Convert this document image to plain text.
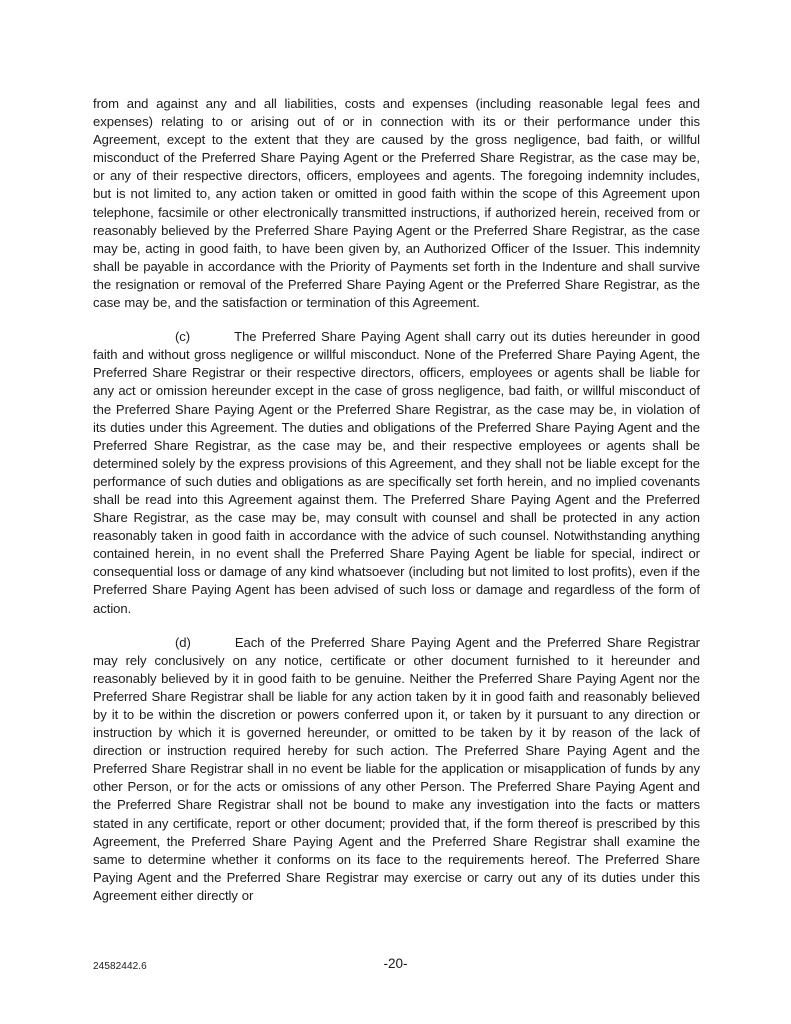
from and against any and all liabilities, costs and expenses (including reasonable legal fees and expenses) relating to or arising out of or in connection with its or their performance under this Agreement, except to the extent that they are caused by the gross negligence, bad faith, or willful misconduct of the Preferred Share Paying Agent or the Preferred Share Registrar, as the case may be, or any of their respective directors, officers, employees and agents. The foregoing indemnity includes, but is not limited to, any action taken or omitted in good faith within the scope of this Agreement upon telephone, facsimile or other electronically transmitted instructions, if authorized herein, received from or reasonably believed by the Preferred Share Paying Agent or the Preferred Share Registrar, as the case may be, acting in good faith, to have been given by, an Authorized Officer of the Issuer. This indemnity shall be payable in accordance with the Priority of Payments set forth in the Indenture and shall survive the resignation or removal of the Preferred Share Paying Agent or the Preferred Share Registrar, as the case may be, and the satisfaction or termination of this Agreement.

(c)	The Preferred Share Paying Agent shall carry out its duties hereunder in good faith and without gross negligence or willful misconduct. None of the Preferred Share Paying Agent, the Preferred Share Registrar or their respective directors, officers, employees or agents shall be liable for any act or omission hereunder except in the case of gross negligence, bad faith, or willful misconduct of the Preferred Share Paying Agent or the Preferred Share Registrar, as the case may be, in violation of its duties under this Agreement. The duties and obligations of the Preferred Share Paying Agent and the Preferred Share Registrar, as the case may be, and their respective employees or agents shall be determined solely by the express provisions of this Agreement, and they shall not be liable except for the performance of such duties and obligations as are specifically set forth herein, and no implied covenants shall be read into this Agreement against them. The Preferred Share Paying Agent and the Preferred Share Registrar, as the case may be, may consult with counsel and shall be protected in any action reasonably taken in good faith in accordance with the advice of such counsel. Notwithstanding anything contained herein, in no event shall the Preferred Share Paying Agent be liable for special, indirect or consequential loss or damage of any kind whatsoever (including but not limited to lost profits), even if the Preferred Share Paying Agent has been advised of such loss or damage and regardless of the form of action.

(d)	Each of the Preferred Share Paying Agent and the Preferred Share Registrar may rely conclusively on any notice, certificate or other document furnished to it hereunder and reasonably believed by it in good faith to be genuine. Neither the Preferred Share Paying Agent nor the Preferred Share Registrar shall be liable for any action taken by it in good faith and reasonably believed by it to be within the discretion or powers conferred upon it, or taken by it pursuant to any direction or instruction by which it is governed hereunder, or omitted to be taken by it by reason of the lack of direction or instruction required hereby for such action. The Preferred Share Paying Agent and the Preferred Share Registrar shall in no event be liable for the application or misapplication of funds by any other Person, or for the acts or omissions of any other Person. The Preferred Share Paying Agent and the Preferred Share Registrar shall not be bound to make any investigation into the facts or matters stated in any certificate, report or other document; provided that, if the form thereof is prescribed by this Agreement, the Preferred Share Paying Agent and the Preferred Share Registrar shall examine the same to determine whether it conforms on its face to the requirements hereof. The Preferred Share Paying Agent and the Preferred Share Registrar may exercise or carry out any of its duties under this Agreement either directly or

24582442.6	-20-
